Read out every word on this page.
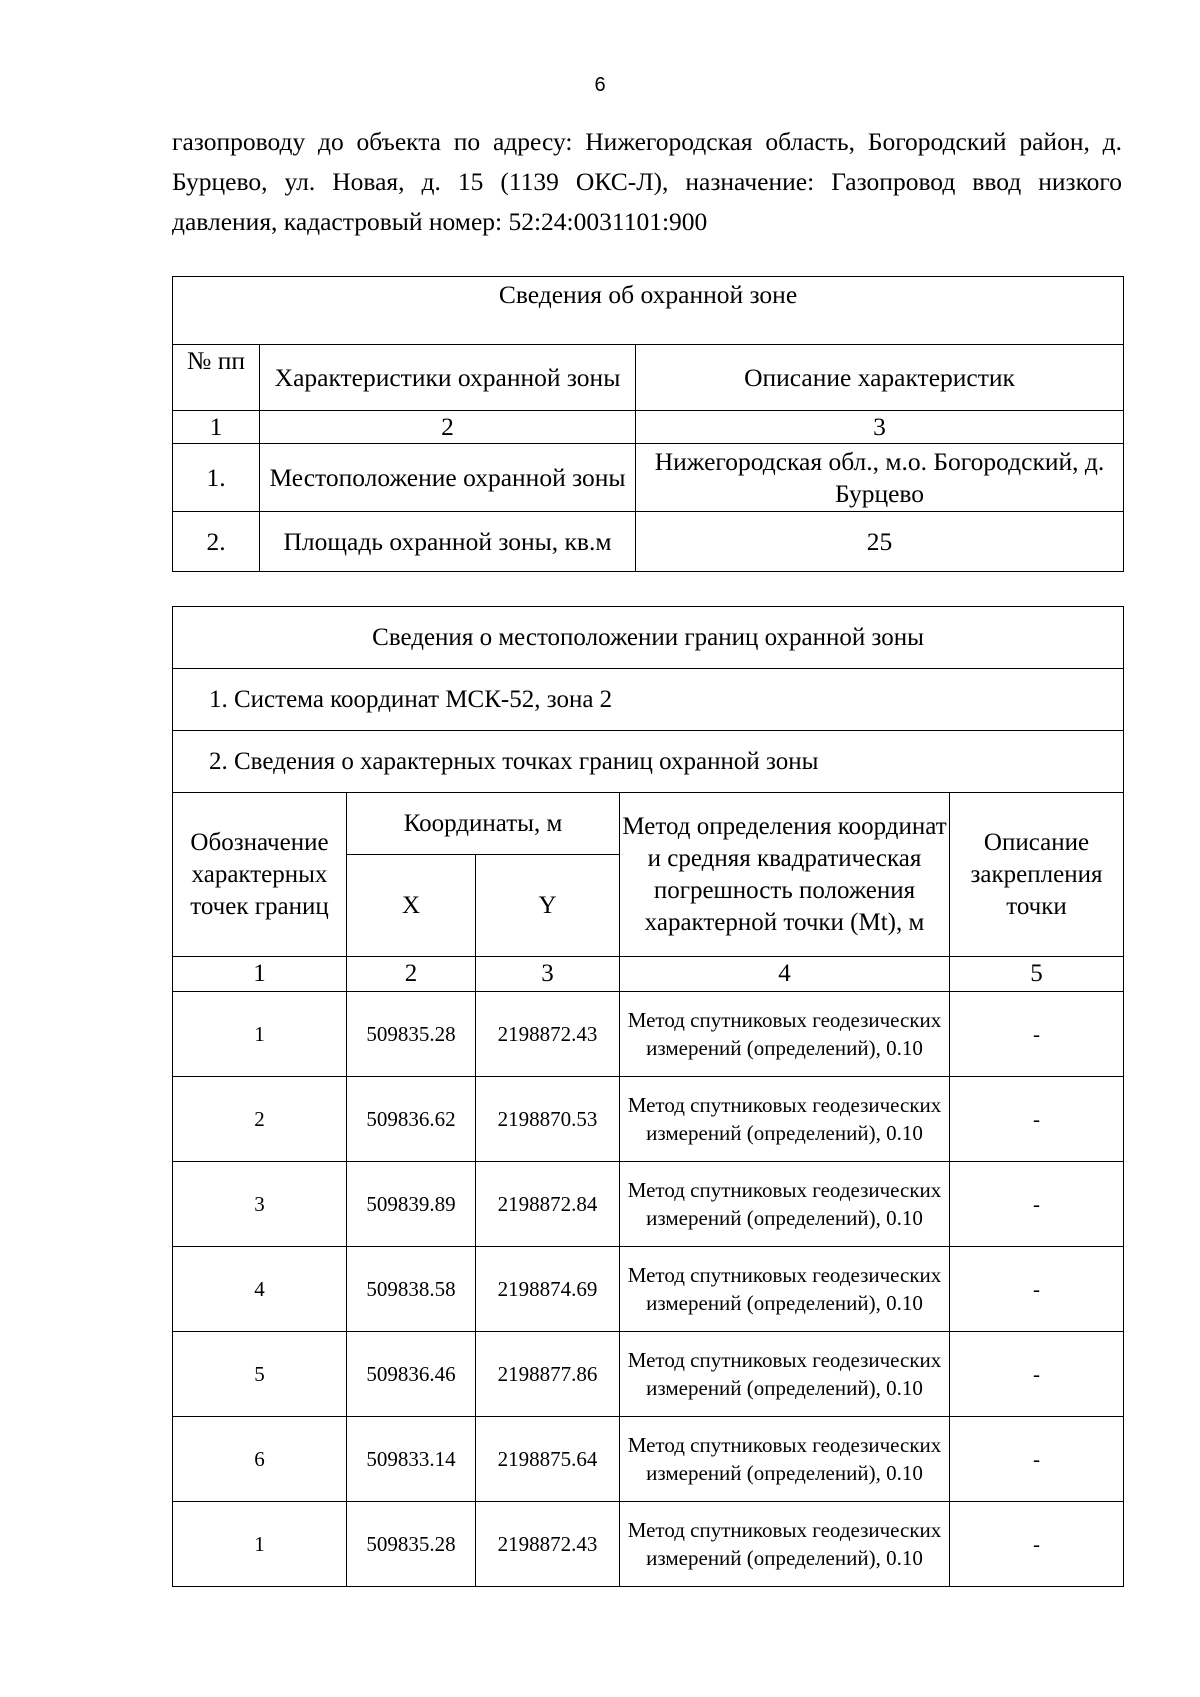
6

газопроводу до объекта по адресу: Нижегородская область, Богородский район, д. Бурцево, ул. Новая, д. 15 (1139 ОКС-Л), назначение: Газопровод ввод низкого давления, кадастровый номер: 52:24:0031101:900

Сведения об охранной зоне		
№ пп	Характеристики охранной зоны	Описание характеристик
1	2	3
1.	Местоположение охранной зоны	Нижегородская обл., м.о. Богородский, д. Бурцево
2.	Площадь охранной зоны, кв.м	25
Сведения о местоположении границ охранной зоны				
1. Система координат МСК-52, зона 2				
2. Сведения о характерных точках границ охранной зоны				
Обозначение характерных точек границ	Координаты, м		Метод определения координат и средняя квадратическая погрешность положения характерной точки (Mt), м	Описание закрепления точки
	X	Y		
1	2	3	4	5
1	509835.28	2198872.43	Метод спутниковых геодезических измерений (определений), 0.10	-
2	509836.62	2198870.53	Метод спутниковых геодезических измерений (определений), 0.10	-
3	509839.89	2198872.84	Метод спутниковых геодезических измерений (определений), 0.10	-
4	509838.58	2198874.69	Метод спутниковых геодезических измерений (определений), 0.10	-
5	509836.46	2198877.86	Метод спутниковых геодезических измерений (определений), 0.10	-
6	509833.14	2198875.64	Метод спутниковых геодезических измерений (определений), 0.10	-
1	509835.28	2198872.43	Метод спутниковых геодезических измерений (определений), 0.10	-
